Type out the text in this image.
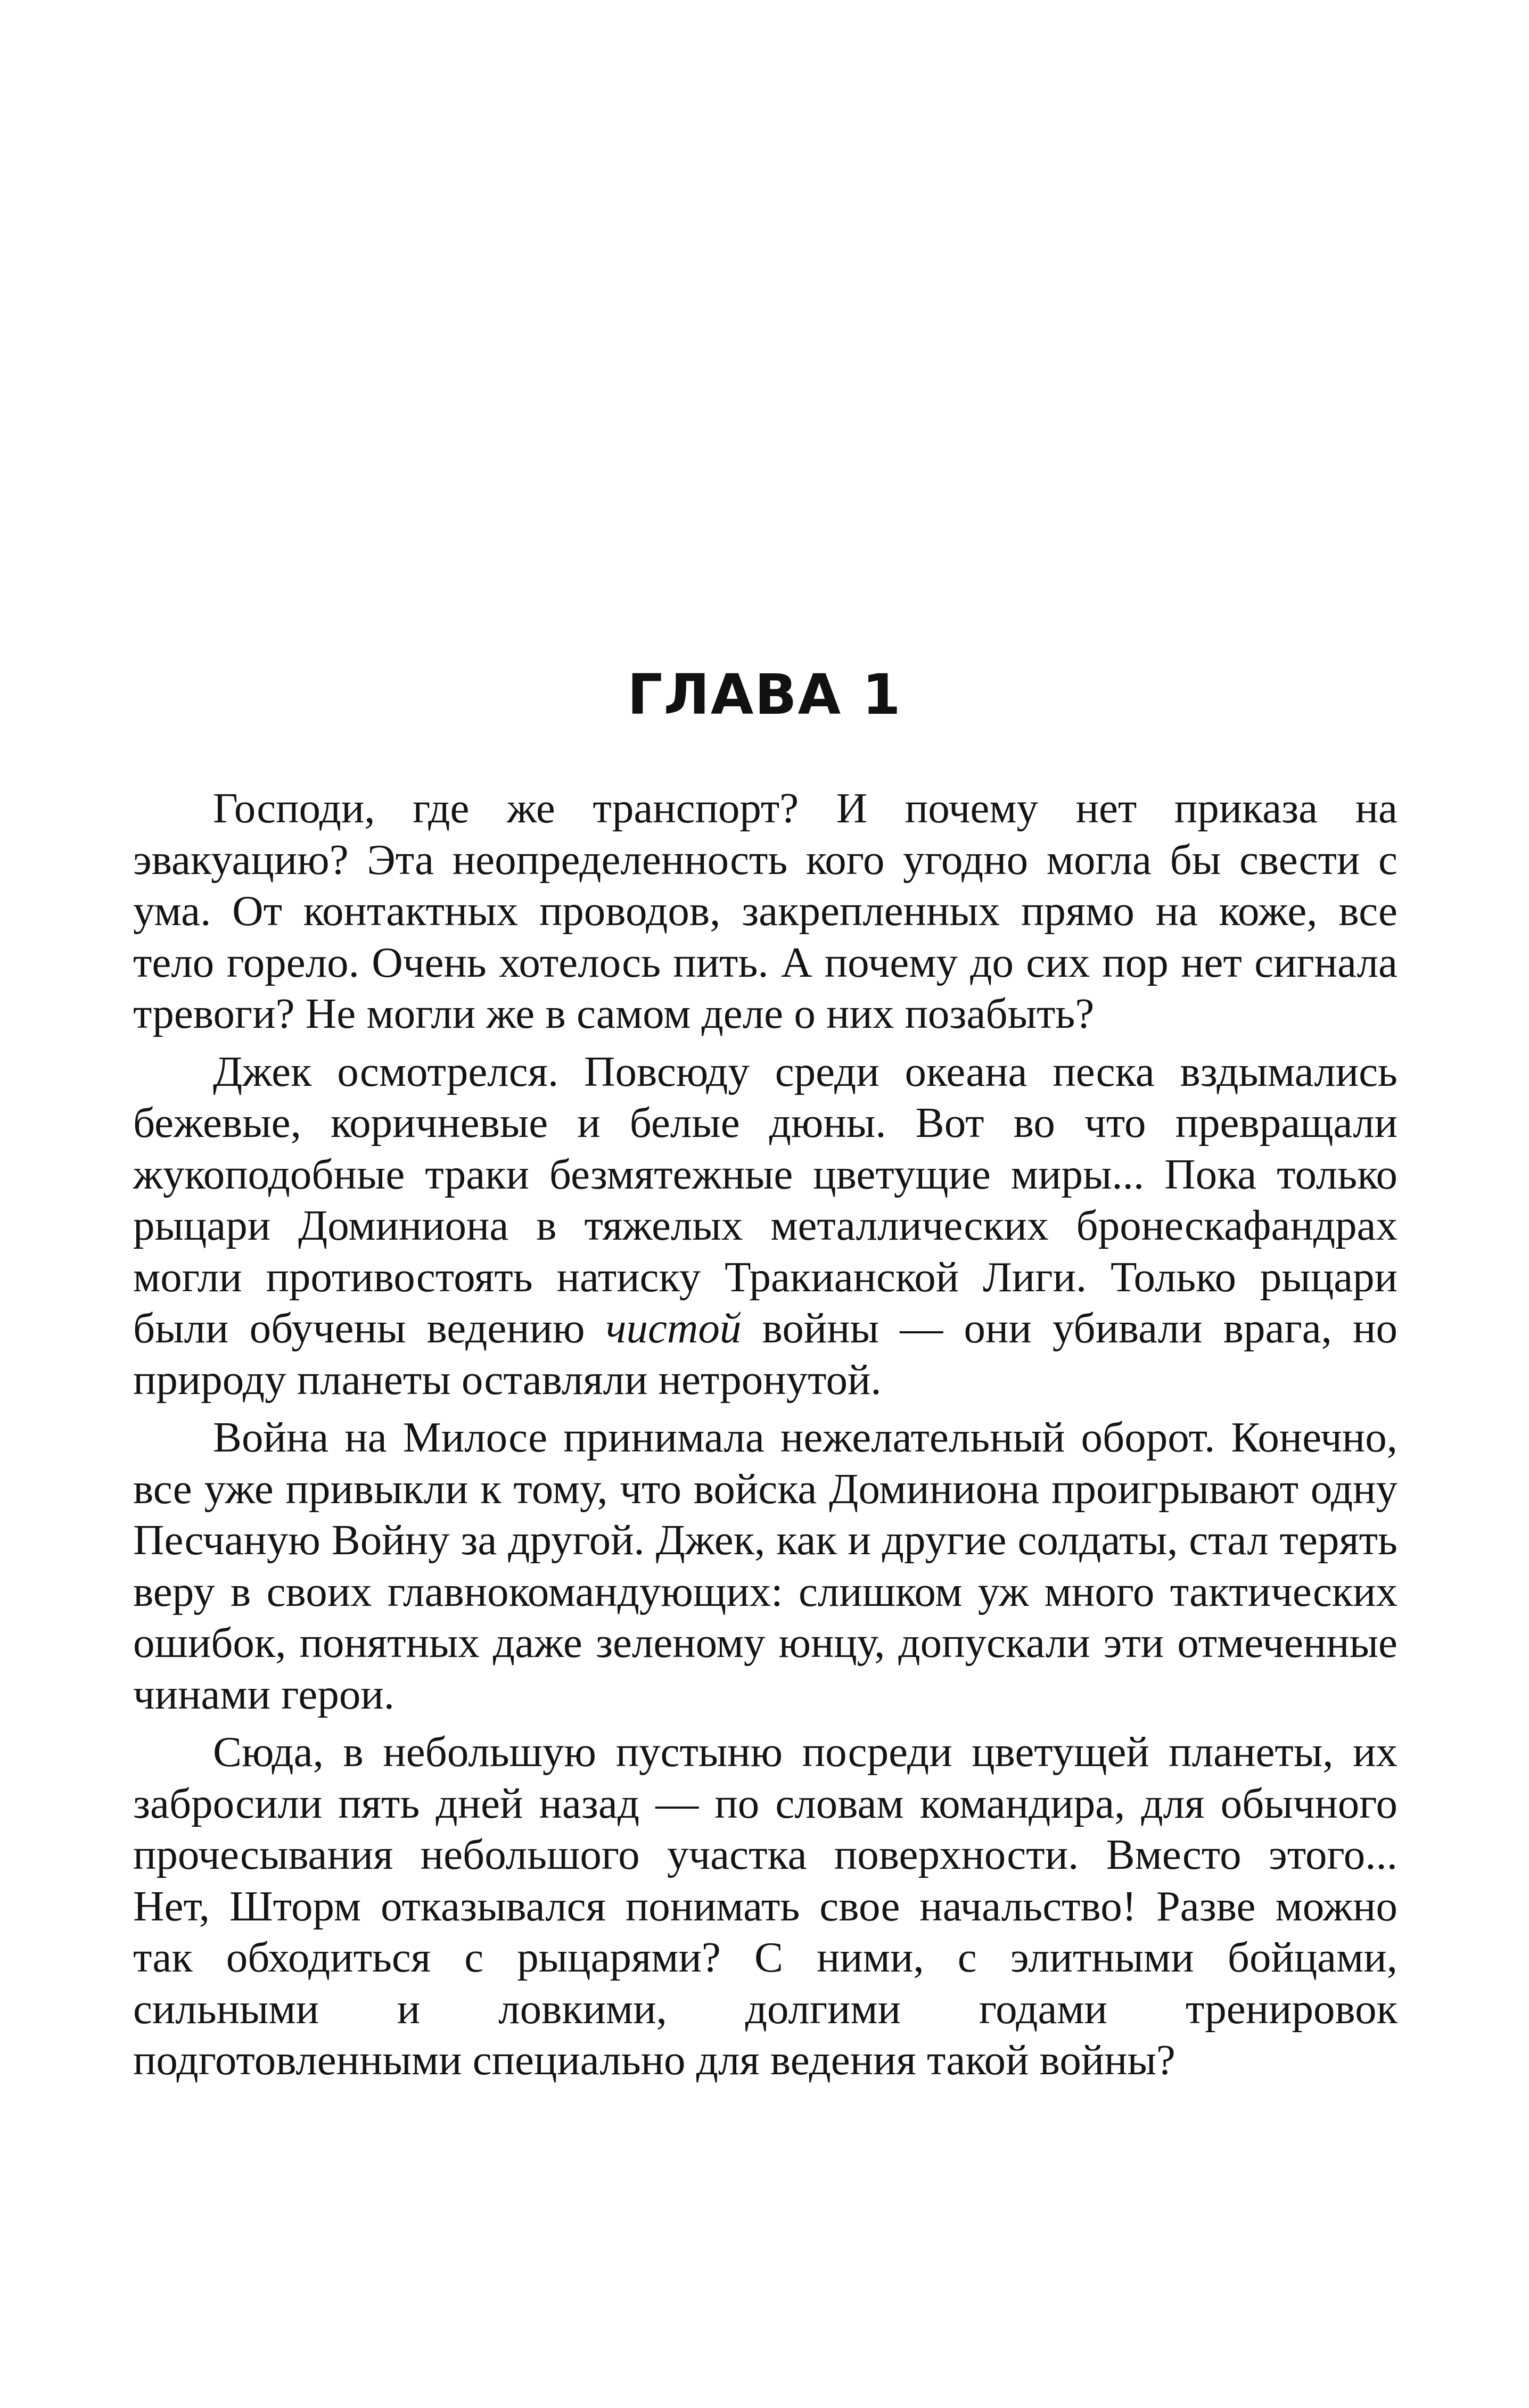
ГЛАВА 1

Господи, где же транспорт? И почему нет приказа на эвакуацию? Эта неопределенность кого угодно могла бы свести с ума. От контактных проводов, закрепленных прямо на коже, все тело горело. Очень хотелось пить. А почему до сих пор нет сигнала тревоги? Не могли же в самом деле о них позабыть?

Джек осмотрелся. Повсюду среди океана песка вздымались бежевые, коричневые и белые дюны. Вот во что превращали жукоподобные траки безмятежные цветущие миры... Пока только рыцари Доминиона в тяжелых металлических бронескафандрах могли противостоять натиску Тракианской Лиги. Только рыцари были обучены ведению чистой войны — они убивали врага, но природу планеты оставляли нетронутой.

Война на Милосе принимала нежелательный оборот. Конечно, все уже привыкли к тому, что войска Доминиона проигрывают одну Песчаную Войну за другой. Джек, как и другие солдаты, стал терять веру в своих главнокомандующих: слишком уж много тактических ошибок, понятных даже зеленому юнцу, допускали эти отмеченные чинами герои.

Сюда, в небольшую пустыню посреди цветущей планеты, их забросили пять дней назад — по словам командира, для обычного прочесывания небольшого участка поверхности. Вместо этого... Нет, Шторм отказывался понимать свое начальство! Разве можно так обходиться с рыцарями? С ними, с элитными бойцами, сильными и ловкими, долгими годами тренировок подготовленными специально для ведения такой войны?
